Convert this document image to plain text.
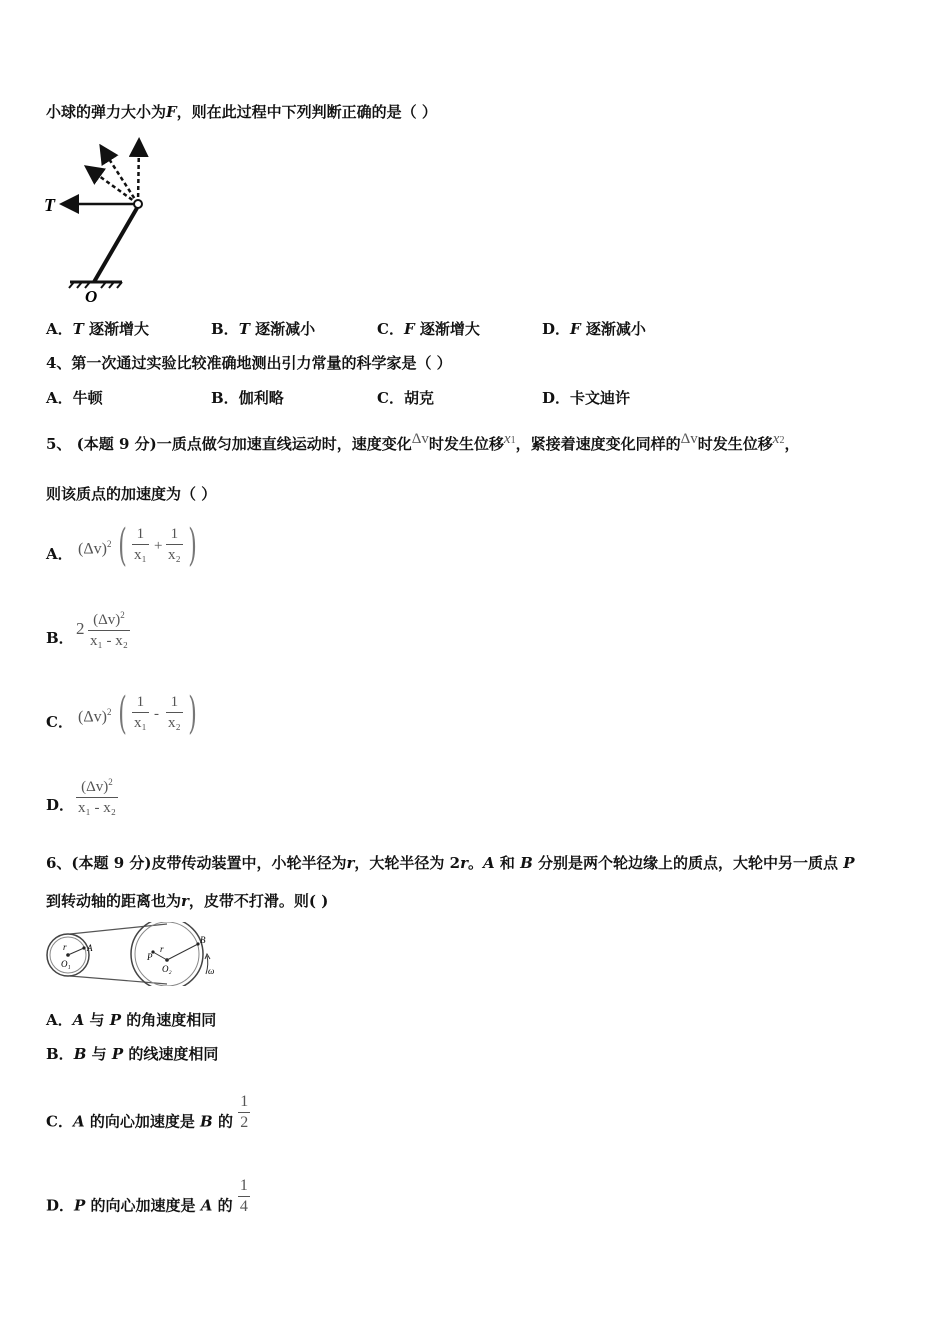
小球的弹力大小为F，则在此过程中下列判断正确的是（ ）
T
O
A．T 逐渐增大	B．T 逐渐减小	C．F 逐渐增大	D．F 逐渐减小
4、第一次通过实验比较准确地测出引力常量的科学家是（ ）
A．牛顿	B．伽利略	C．胡克	D．卡文迪许
5、 (本题 9 分)一质点做匀加速直线运动时，速度变化Δv时发生位移x1，紧接着速度变化同样的Δv时发生位移x2，
则该质点的加速度为（ ）
A． $(\Delta v)^2$ ( $\frac{1}{\text{x₁}} + \frac{1}{\text{x₂}}$ )
B． $2 \frac{(\Delta v)^2}{\text{x₁ - x₂}}$
C． $(\Delta v)^2$ ( $\frac{1}{\text{x₁}} - \frac{1}{\text{x₂}}$ )
D． $\frac{(\Delta v)^2}{\text{x₁ - x₂}}$
6、(本题 9 分)皮带传动装置中，小轮半径为r，大轮半径为 2r。A 和 B 分别是两个轮边缘上的质点，大轮中另一质点 P
到转动轴的距离也为r，皮带不打滑。则( )
r A
O₁
r
P
B
O₂	ω
A．A 与 P 的角速度相同
B．B 与 P 的线速度相同
C．A 的向心加速度是 B 的 $\frac{1}{2}$
D．P 的向心加速度是 A 的 $\frac{1}{4}$
